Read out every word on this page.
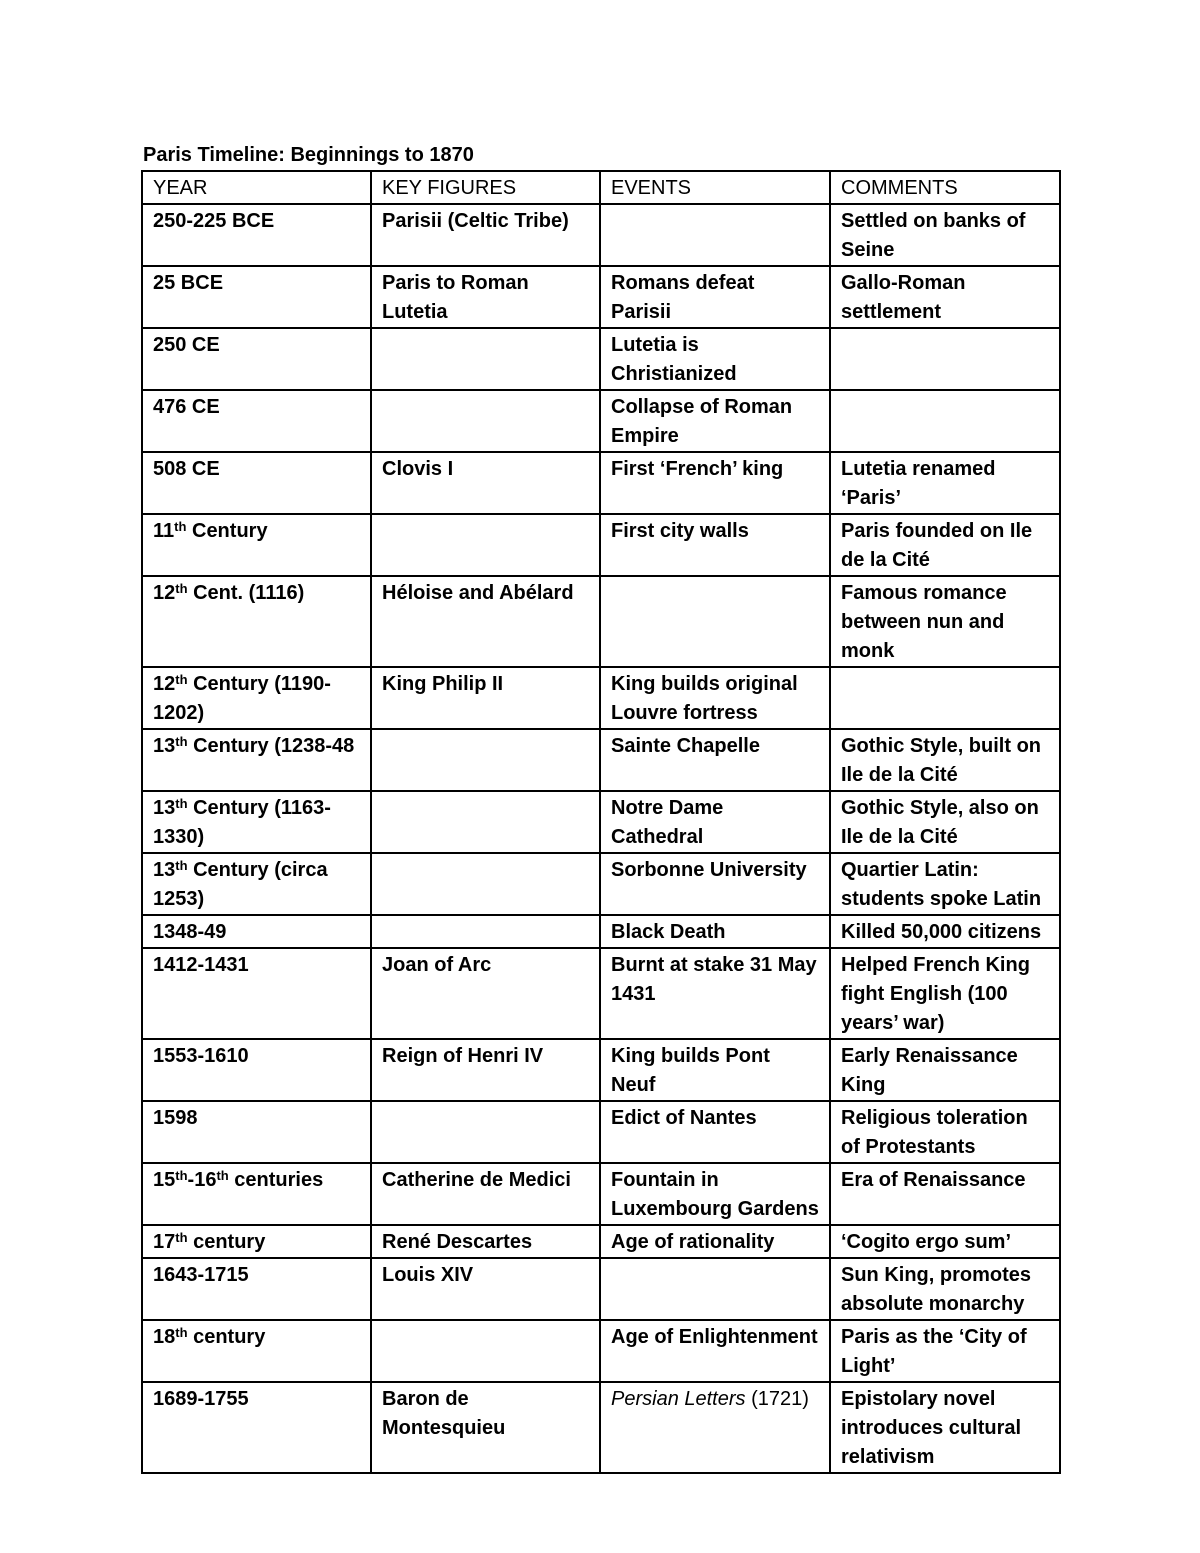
Paris Timeline: Beginnings to 1870
YEAR	KEY FIGURES	EVENTS	COMMENTS
250-225 BCE	Parisii (Celtic Tribe)		Settled on banks of Seine
25 BCE	Paris to Roman Lutetia	Romans defeat Parisii	Gallo-Roman settlement
250 CE		Lutetia is Christianized	
476 CE		Collapse of Roman Empire	
508 CE	Clovis I	First ‘French’ king	Lutetia renamed ‘Paris’
11th Century		First city walls	Paris founded on Ile de la Cité
12th Cent. (1116)	Héloise and Abélard		Famous romance between nun and monk
12th Century (1190-1202)	King Philip II	King builds original Louvre fortress	
13th Century (1238-48		Sainte Chapelle	Gothic Style, built on Ile de la Cité
13th Century (1163-1330)		Notre Dame Cathedral	Gothic Style, also on Ile de la Cité
13th Century (circa 1253)		Sorbonne University	Quartier Latin: students spoke Latin
1348-49		Black Death	Killed 50,000 citizens
1412-1431	Joan of Arc	Burnt at stake 31 May 1431	Helped French King fight English (100 years’ war)
1553-1610	Reign of Henri IV	King builds Pont Neuf	Early Renaissance King
1598		Edict of Nantes	Religious toleration of Protestants
15th-16th centuries	Catherine de Medici	Fountain in Luxembourg Gardens	Era of Renaissance
17th century	René Descartes	Age of rationality	‘Cogito ergo sum’
1643-1715	Louis XIV		Sun King, promotes absolute monarchy
18th century		Age of Enlightenment	Paris as the ‘City of Light’
1689-1755	Baron de Montesquieu	Persian Letters (1721)	Epistolary novel introduces cultural relativism
